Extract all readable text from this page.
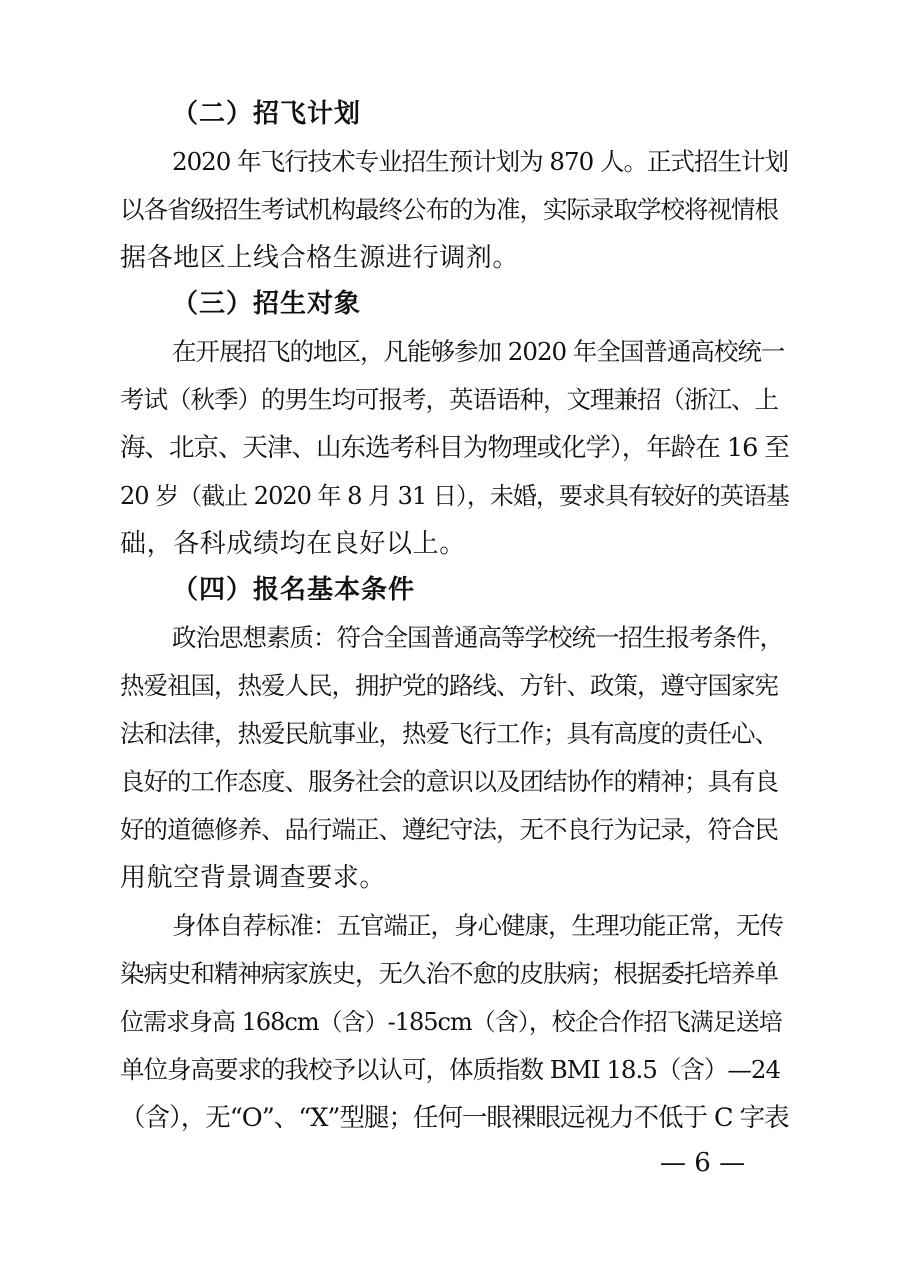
（二）招飞计划
2020 年飞行技术专业招生预计划为 870 人。正式招生计划
以各省级招生考试机构最终公布的为准，实际录取学校将视情根
据各地区上线合格生源进行调剂。
（三）招生对象
在开展招飞的地区，凡能够参加 2020 年全国普通高校统一
考试（秋季）的男生均可报考，英语语种，文理兼招（浙江、上
海、北京、天津、山东选考科目为物理或化学），年龄在 16 至
20 岁（截止 2020 年 8 月 31 日），未婚，要求具有较好的英语基
础，各科成绩均在良好以上。
（四）报名基本条件
政治思想素质：符合全国普通高等学校统一招生报考条件，
热爱祖国，热爱人民，拥护党的路线、方针、政策，遵守国家宪
法和法律，热爱民航事业，热爱飞行工作；具有高度的责任心、
良好的工作态度、服务社会的意识以及团结协作的精神；具有良
好的道德修养、品行端正、遵纪守法，无不良行为记录，符合民
用航空背景调查要求。
身体自荐标准：五官端正，身心健康，生理功能正常，无传
染病史和精神病家族史，无久治不愈的皮肤病；根据委托培养单
位需求身高 168cm（含）-185cm（含），校企合作招飞满足送培
单位身高要求的我校予以认可，体质指数 BMI 18.5（含）—24
（含），无“O”、“X”型腿；任何一眼裸眼远视力不低于 C 字表
— 6 —
